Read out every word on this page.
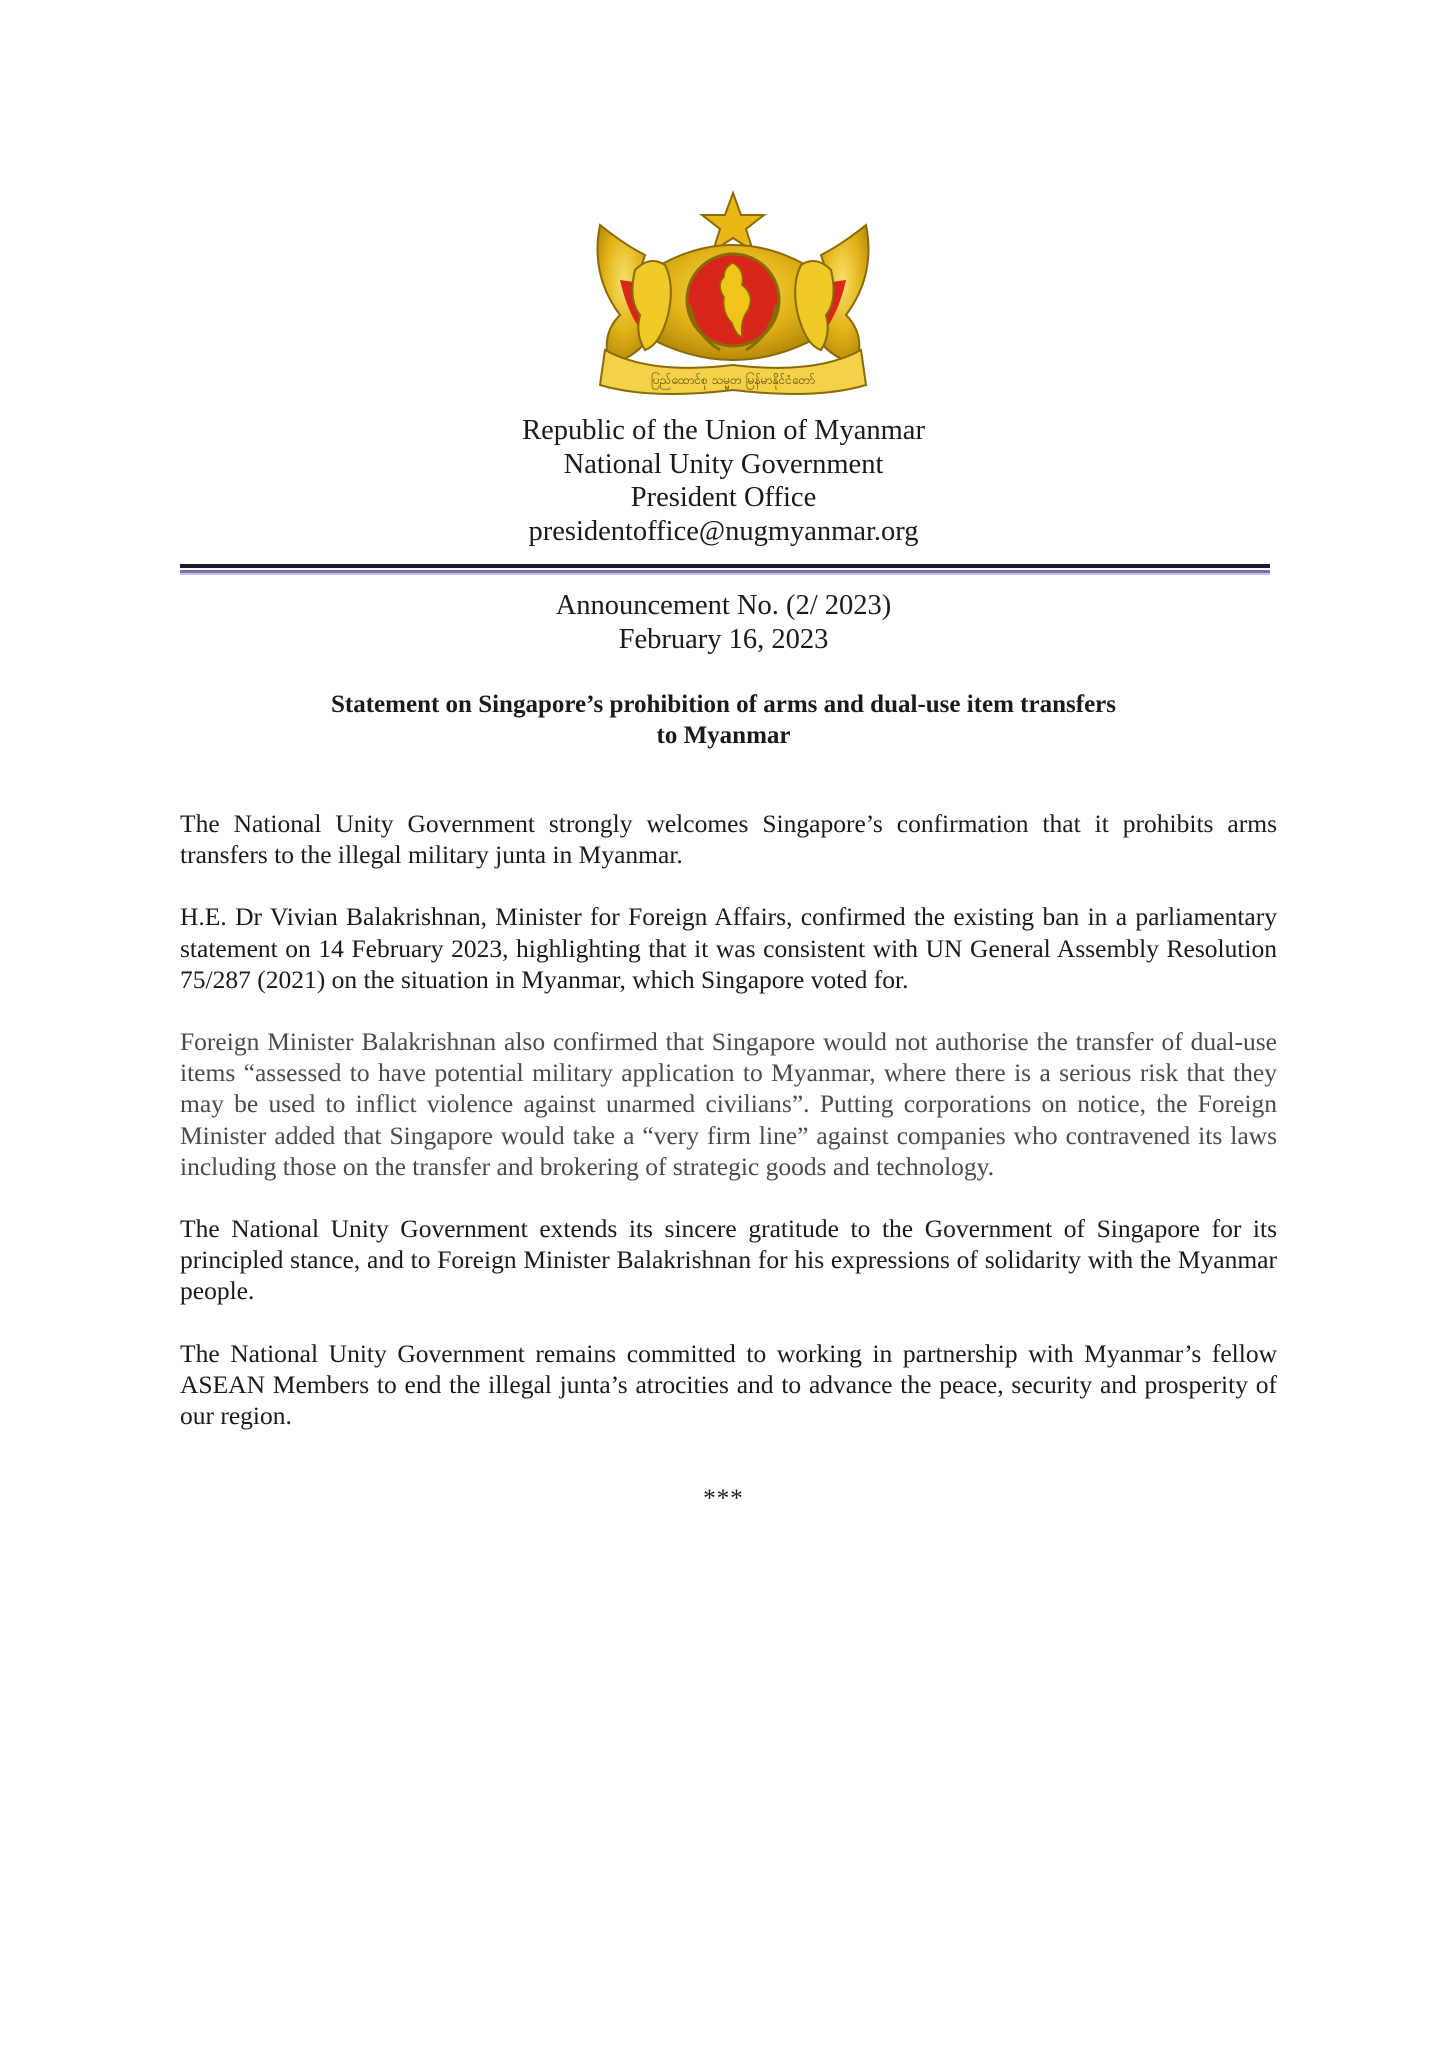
ပြည်ထောင်စု သမ္မတ မြန်မာနိုင်ငံတော်
Republic of the Union of Myanmar
National Unity Government
President Office
presidentoffice@nugmyanmar.org
Announcement No. (2/ 2023)
February 16, 2023
Statement on Singapore’s prohibition of arms and dual-use item transfers
to Myanmar

The National Unity Government strongly welcomes Singapore’s confirmation that it prohibits arms transfers to the illegal military junta in Myanmar.

H.E. Dr Vivian Balakrishnan, Minister for Foreign Affairs, confirmed the existing ban in a parliamentary statement on 14 February 2023, highlighting that it was consistent with UN General Assembly Resolution 75/287 (2021) on the situation in Myanmar, which Singapore voted for.

Foreign Minister Balakrishnan also confirmed that Singapore would not authorise the transfer of dual-use items “assessed to have potential military application to Myanmar, where there is a serious risk that they may be used to inflict violence against unarmed civilians”. Putting corporations on notice, the Foreign Minister added that Singapore would take a “very firm line” against companies who contravened its laws including those on the transfer and brokering of strategic goods and technology.

The National Unity Government extends its sincere gratitude to the Government of Singapore for its principled stance, and to Foreign Minister Balakrishnan for his expressions of solidarity with the Myanmar people.

The National Unity Government remains committed to working in partnership with Myanmar’s fellow ASEAN Members to end the illegal junta’s atrocities and to advance the peace, security and prosperity of our region.

***
